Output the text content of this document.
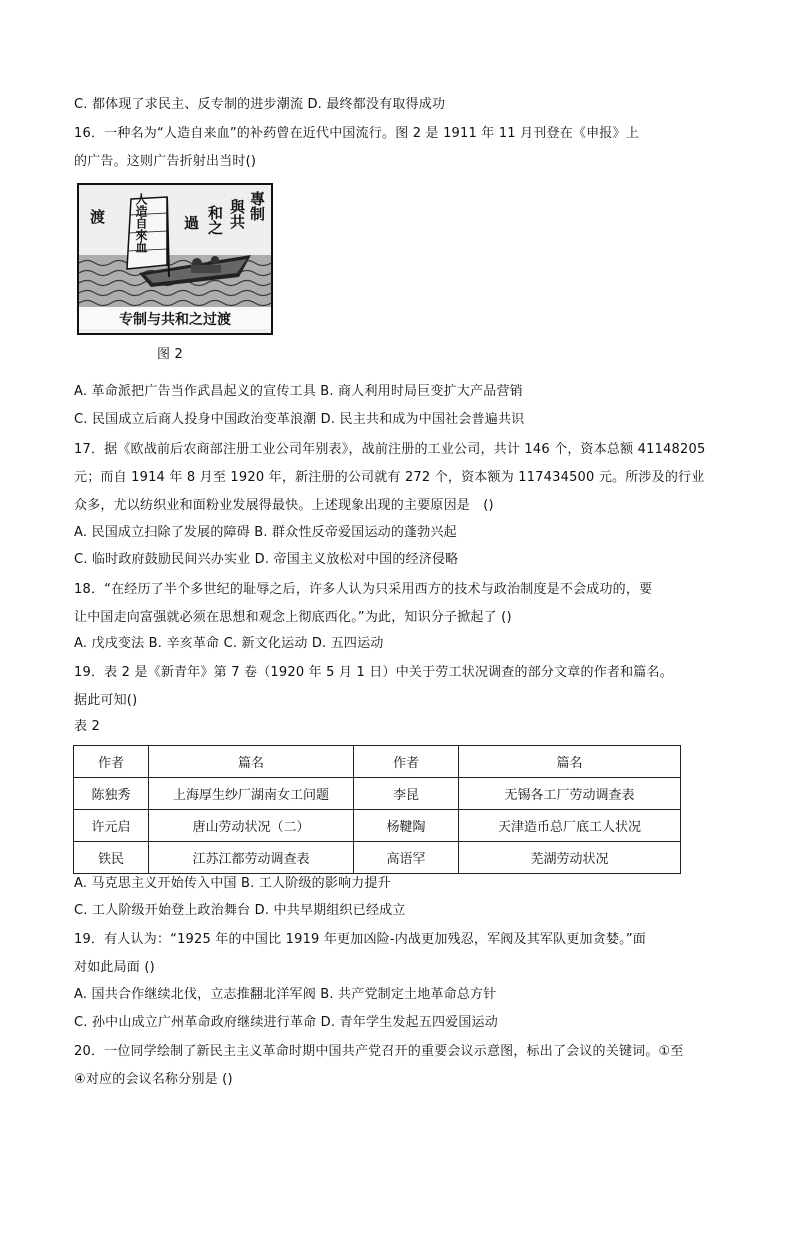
C. 都体现了求民主、反专制的进步潮流 D. 最终都没有取得成功
16．一种名为“人造自来血”的补药曾在近代中国流行。图 2 是 1911 年 11 月刊登在《申报》上
的广告。这则广告折射出当时()
人造自來血	專制
與共
和之
過
渡
专制与共和之过渡
图 2
A. 革命派把广告当作武昌起义的宣传工具 B. 商人利用时局巨变扩大产品营销
C. 民国成立后商人投身中国政治变革浪潮 D. 民主共和成为中国社会普遍共识
17．据《欧战前后农商部注册工业公司年别表》，战前注册的工业公司，共计 146 个，资本总额 41148205
元；而自 1914 年 8 月至 1920 年，新注册的公司就有 272 个，资本额为 117434500 元。所涉及的行业
众多，尤以纺织业和面粉业发展得最快。上述现象出现的主要原因是　()
A. 民国成立扫除了发展的障碍 B. 群众性反帝爱国运动的蓬勃兴起
C. 临时政府鼓励民间兴办实业 D. 帝国主义放松对中国的经济侵略
18．“在经历了半个多世纪的耻辱之后，许多人认为只采用西方的技术与政治制度是不会成功的，要
让中国走向富强就必须在思想和观念上彻底西化。”为此，知识分子掀起了 ()
A. 戊戌变法 B. 辛亥革命 C. 新文化运动 D. 五四运动
19．表 2 是《新青年》第 7 卷（1920 年 5 月 1 日）中关于劳工状况调查的部分文章的作者和篇名。
据此可知()
表 2
作者	篇名	作者	篇名
陈独秀	上海厚生纱厂湖南女工问题	李昆	无锡各工厂劳动调查表
许元启	唐山劳动状况（二）	杨鞬陶	天津造币总厂底工人状况
铁民	江苏江都劳动调查表	高语罕	芜湖劳动状况
A. 马克思主义开始传入中国 B. 工人阶级的影响力提升
C. 工人阶级开始登上政治舞台 D. 中共早期组织已经成立
19．有人认为：“1925 年的中国比 1919 年更加凶险-内战更加残忍，军阀及其军队更加贪婪。”面
对如此局面 ()
A. 国共合作继续北伐，立志推翻北洋军阀 B. 共产党制定土地革命总方针
C. 孙中山成立广州革命政府继续进行革命 D. 青年学生发起五四爱国运动
20．一位同学绘制了新民主主义革命时期中国共产党召开的重要会议示意图，标出了会议的关键词。①至
④对应的会议名称分别是 ()
